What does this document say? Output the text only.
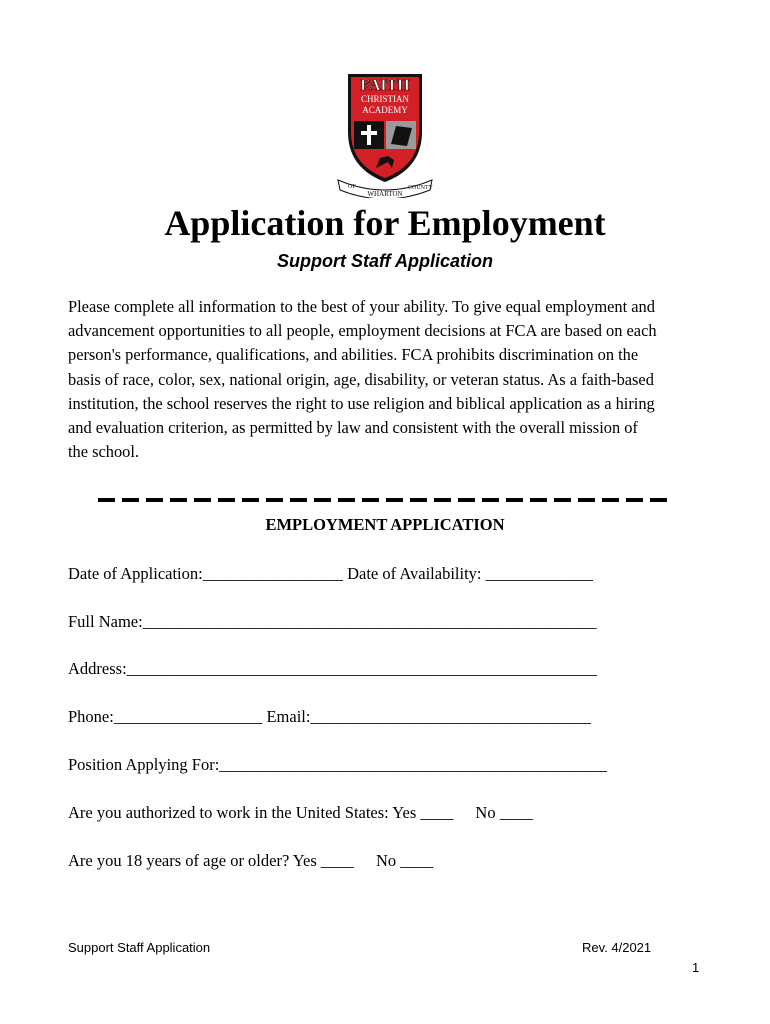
FAITH
CHRISTIAN
ACADEMY
OF
WHARTON
COUNTY
Application for Employment
Support Staff Application
Please complete all information to the best of your ability. To give equal employment and
advancement opportunities to all people, employment decisions at FCA are based on each
person's performance, qualifications, and abilities. FCA prohibits discrimination on the
basis of race, color, sex, national origin, age, disability, or veteran status. As a faith-based
institution, the school reserves the right to use religion and biblical application as a hiring
and evaluation criterion, as permitted by law and consistent with the overall mission of
the school.
EMPLOYMENT APPLICATION
Date of Application:_________________ Date of Availability: _____________
Full Name:_______________________________________________________
Address:_________________________________________________________
Phone:__________________ Email:__________________________________
Position Applying For:_______________________________________________
Are you authorized to work in the United States: Yes ____ No ____
Are you 18 years of age or older? Yes ____ No ____
Support Staff Application	Rev. 4/2021
1
